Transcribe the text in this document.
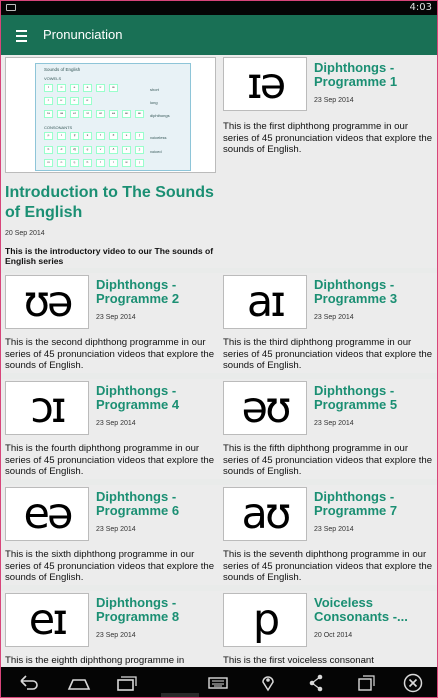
4:03
Pronunciation
Sounds of English
VOWELS
CONSONANTS
short
long
diphthongs
voiceless
voiced
ɪ	ʊ	e	ə	ɜː	æ
iː	uː	ɔː	ɑː
ɪə	ʊə	eɪ	ɔɪ	aɪ	eə	əʊ	aʊ
p	t	tʃ	k	f	θ	s	ʃ
b	d	dʒ	g	v	ð	z	ʒ
m	n	ŋ	h	l	r	w	j
Introduction to The Sounds of English
20 Sep 2014
This is the introductory video to our The sounds of English series
ɪə	Diphthongs - Programme 1
23 Sep 2014
This is the first diphthong programme in our series of 45 pronunciation videos that explore the sounds of English.
ʊə	Diphthongs - Programme 2
23 Sep 2014
This is the second diphthong programme in our series of 45 pronunciation videos that explore the sounds of English.
aɪ	Diphthongs - Programme 3
23 Sep 2014
This is the third diphthong programme in our series of 45 pronunciation videos that explore the sounds of English.
ɔɪ	Diphthongs - Programme 4
23 Sep 2014
This is the fourth diphthong programme in our series of 45 pronunciation videos that explore the sounds of English.
əʊ	Diphthongs - Programme 5
23 Sep 2014
This is the fifth diphthong programme in our series of 45 pronunciation videos that explore the sounds of English.
eə	Diphthongs - Programme 6
23 Sep 2014
This is the sixth diphthong programme in our series of 45 pronunciation videos that explore the sounds of English.
aʊ	Diphthongs - Programme 7
23 Sep 2014
This is the seventh diphthong programme in our series of 45 pronunciation videos that explore the sounds of English.
eɪ	Diphthongs - Programme 8
23 Sep 2014
This is the eighth diphthong programme in
p	Voiceless Consonants -...
20 Oct 2014
This is the first voiceless consonant
